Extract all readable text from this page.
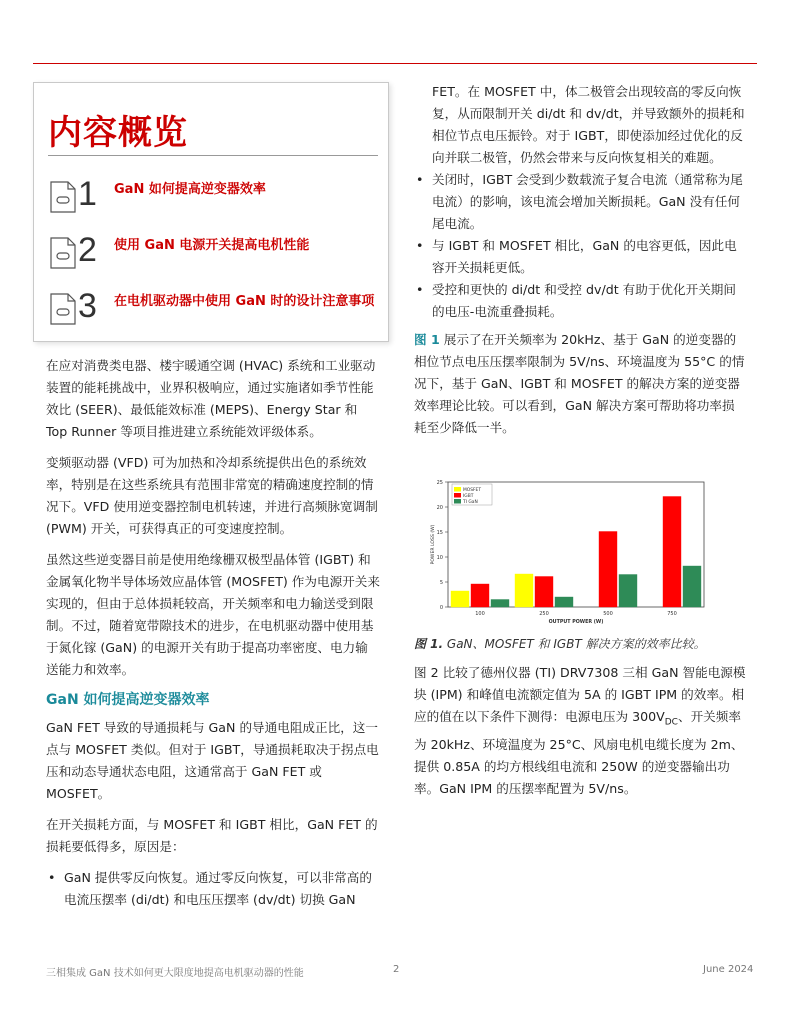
内容概览
1 GaN 如何提高逆变器效率
2 使用 GaN 电源开关提高电机性能
3 在电机驱动器中使用 GaN 时的设计注意事项

在应对消费类电器、楼宇暖通空调 (HVAC) 系统和工业驱动装置的能耗挑战中，业界积极响应，通过实施诸如季节性能效比 (SEER)、最低能效标准 (MEPS)、Energy Star 和 Top Runner 等项目推进建立系统能效评级体系。

变频驱动器 (VFD) 可为加热和冷却系统提供出色的系统效率，特别是在这些系统具有范围非常宽的精确速度控制的情况下。VFD 使用逆变器控制电机转速，并进行高频脉宽调制 (PWM) 开关，可获得真正的可变速度控制。

虽然这些逆变器目前是使用绝缘栅双极型晶体管 (IGBT) 和金属氧化物半导体场效应晶体管 (MOSFET) 作为电源开关来实现的，但由于总体损耗较高，开关频率和电力输送受到限制。不过，随着宽带隙技术的进步，在电机驱动器中使用基于氮化镓 (GaN) 的电源开关有助于提高功率密度、电力输送能力和效率。

GaN 如何提高逆变器效率

GaN FET 导致的导通损耗与 GaN 的导通电阻成正比，这一点与 MOSFET 类似。但对于 IGBT，导通损耗取决于拐点电压和动态导通状态电阻，这通常高于 GaN FET 或 MOSFET。

在开关损耗方面，与 MOSFET 和 IGBT 相比，GaN FET 的损耗要低得多，原因是：

• GaN 提供零反向恢复。通过零反向恢复，可以非常高的电流压摆率 (di/dt) 和电压压摆率 (dv/dt) 切换 GaN

FET。在 MOSFET 中，体二极管会出现较高的零反向恢复，从而限制开关 di/dt 和 dv/dt，并导致额外的损耗和相位节点电压振铃。对于 IGBT，即使添加经过优化的反向并联二极管，仍然会带来与反向恢复相关的难题。

• 关闭时，IGBT 会受到少数载流子复合电流（通常称为尾电流）的影响，该电流会增加关断损耗。GaN 没有任何尾电流。
• 与 IGBT 和 MOSFET 相比，GaN 的电容更低，因此电容开关损耗更低。
• 受控和更快的 di/dt 和受控 dv/dt 有助于优化开关期间的电压-电流重叠损耗。

图 1 展示了在开关频率为 20kHz、基于 GaN 的逆变器的相位节点电压压摆率限制为 5V/ns、环境温度为 55°C 的情况下，基于 GaN、IGBT 和 MOSFET 的解决方案的逆变器效率理论比较。可以看到，GaN 解决方案可帮助将功率损耗至少降低一半。

0
5
10
15
20
25
POWER LOSS (W)
100	250	500	750
OUTPUT POWER (W)
MOSFET
IGBT
TI GaN
图 1. GaN、MOSFET 和 IGBT 解决方案的效率比较。

图 2 比较了德州仪器 (TI) DRV7308 三相 GaN 智能电源模块 (IPM) 和峰值电流额定值为 5A 的 IGBT IPM 的效率。相应的值在以下条件下测得：电源电压为 $300V_{DC}$、开关频率为 20kHz、环境温度为 25°C、风扇电机电缆长度为 2m、提供 0.85A 的均方根线组电流和 250W 的逆变器输出功率。GaN IPM 的压摆率配置为 5V/ns。

三相集成 GaN 技术如何更大限度地提高电机驱动器的性能	2	June 2024
